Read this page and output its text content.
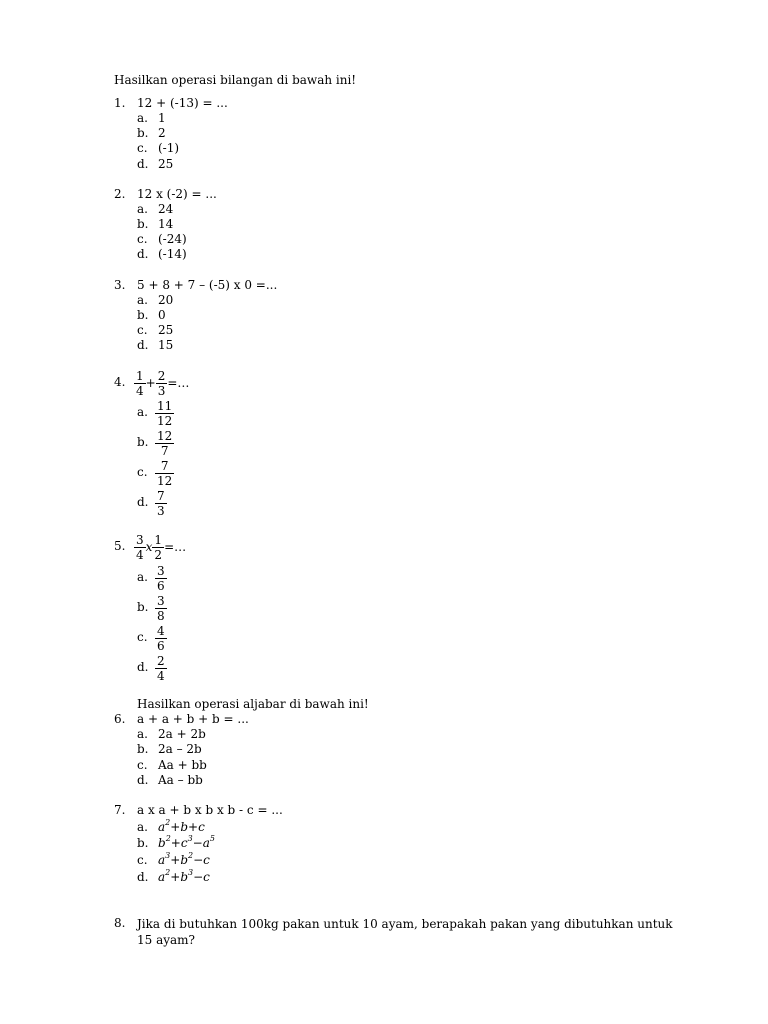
Hasilkan operasi bilangan di bawah ini!
1. 12 + (-13) = ...
a. 1
b. 2
c. (-1)
d. 25
2. 12 x (-2) = ...
a. 24
b. 14
c. (-24)
d. (-14)
3. 5 + 8 + 7 – (-5) x 0 =...
a. 20
b. 0
c. 25
d. 15
4. $\frac{1}{4} + \frac{2}{3}$ =…
a. $\frac{11}{12}$
b. $\frac{12}{7}$
c. $\frac{7}{12}$
d. $\frac{7}{3}$
5. $\frac{3}{4}$ x $\frac{1}{2}$ =…
a. $\frac{3}{6}$
b. $\frac{3}{8}$
c. $\frac{4}{6}$
d. $\frac{2}{4}$
Hasilkan operasi aljabar di bawah ini!
6. a + a + b + b = ...
a. 2a + 2b
b. 2a – 2b
c. Aa + bb
d. Aa – bb
7. a x a + b x b x b - c = ...
a. $a^2+b+c$
b. $b^2+c^3-a^5$
c. $a^3+b^2-c$
d. $a^2+b^3-c$
8. Jika di butuhkan 100kg pakan untuk 10 ayam, berapakah pakan yang dibutuhkan untuk 15 ayam?
